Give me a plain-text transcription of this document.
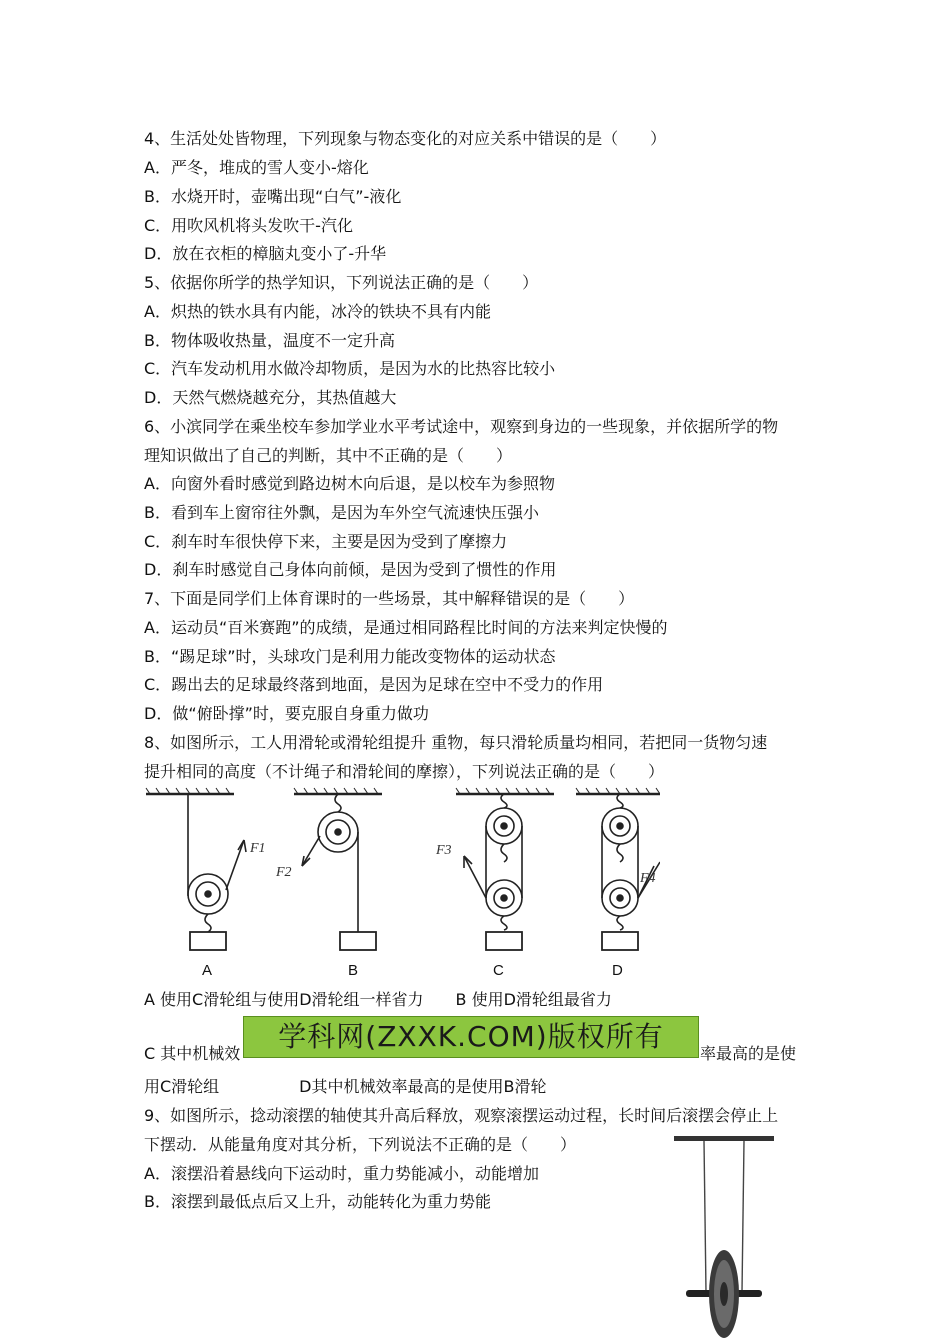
4、生活处处皆物理，下列现象与物态变化的对应关系中错误的是（　　）
A．严冬，堆成的雪人变小-熔化
B．水烧开时，壶嘴出现“白气”-液化
C．用吹风机将头发吹干-汽化
D．放在衣柜的樟脑丸变小了-升华
5、依据你所学的热学知识，下列说法正确的是（　　）
A．炽热的铁水具有内能，冰冷的铁块不具有内能
B．物体吸收热量，温度不一定升高
C．汽车发动机用水做冷却物质，是因为水的比热容比较小
D．天然气燃烧越充分，其热值越大
6、小滨同学在乘坐校车参加学业水平考试途中，观察到身边的一些现象，并依据所学的物
理知识做出了自己的判断，其中不正确的是（　　）
A．向窗外看时感觉到路边树木向后退，是以校车为参照物
B．看到车上窗帘往外飘，是因为车外空气流速快压强小
C．刹车时车很快停下来，主要是因为受到了摩擦力
D．刹车时感觉自己身体向前倾，是因为受到了惯性的作用
7、下面是同学们上体育课时的一些场景，其中解释错误的是（　　）
A．运动员“百米赛跑”的成绩，是通过相同路程比时间的方法来判定快慢的
B．“踢足球”时，头球攻门是利用力能改变物体的运动状态
C．踢出去的足球最终落到地面，是因为足球在空中不受力的作用
D．做“俯卧撑”时，要克服自身重力做功
8、如图所示，工人用滑轮或滑轮组提升 重物，每只滑轮质量均相同，若把同一货物匀速
提升相同的高度（不计绳子和滑轮间的摩擦），下列说法正确的是（　　）
F1
F2
F3
F4
A	B	C	D
A 使用C滑轮组与使用D滑轮组一样省力　　B 使用D滑轮组最省力
C 其中机械效	率最高的是使
用C滑轮组　　　　　D其中机械效率最高的是使用B滑轮
学科网(ZXXK.COM)版权所有
9、如图所示，捻动滚摆的轴使其升高后释放，观察滚摆运动过程，长时间后滚摆会停止上
下摆动．从能量角度对其分析，下列说法不正确的是（　　）
A．滚摆沿着悬线向下运动时，重力势能减小，动能增加
B．滚摆到最低点后又上升，动能转化为重力势能
